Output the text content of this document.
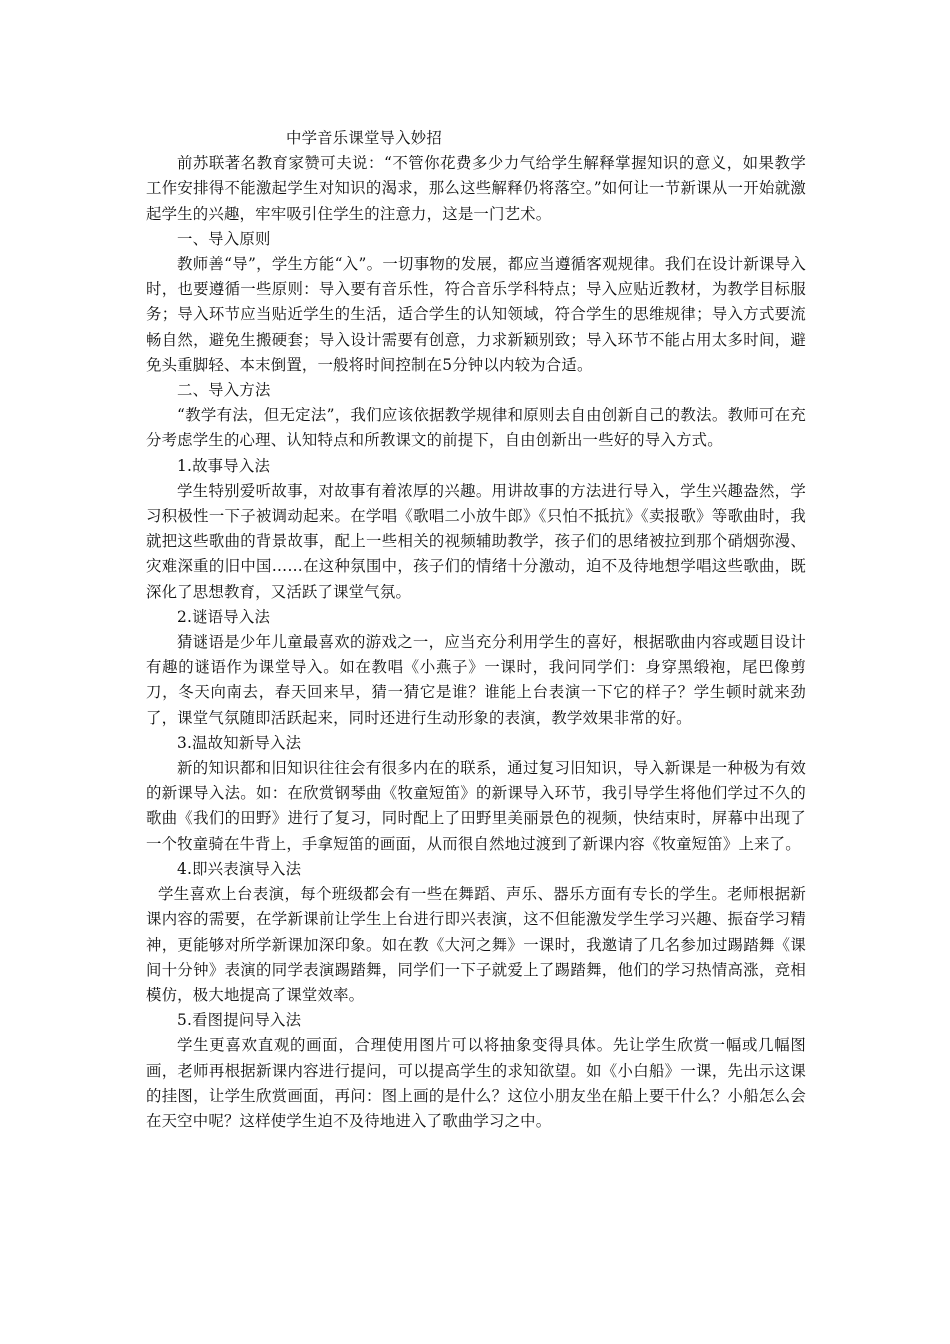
中学音乐课堂导入妙招

前苏联著名教育家赞可夫说：“不管你花费多少力气给学生解释掌握知识的意义，如果教学工作安排得不能激起学生对知识的渴求，那么这些解释仍将落空。”如何让一节新课从一开始就激起学生的兴趣，牢牢吸引住学生的注意力，这是一门艺术。

一、导入原则

教师善“导”，学生方能“入”。一切事物的发展，都应当遵循客观规律。我们在设计新课导入时，也要遵循一些原则：导入要有音乐性，符合音乐学科特点；导入应贴近教材，为教学目标服务；导入环节应当贴近学生的生活，适合学生的认知领域，符合学生的思维规律；导入方式要流畅自然，避免生搬硬套；导入设计需要有创意，力求新颖别致；导入环节不能占用太多时间，避免头重脚轻、本末倒置，一般将时间控制在5分钟以内较为合适。

二、导入方法

“教学有法，但无定法”，我们应该依据教学规律和原则去自由创新自己的教法。教师可在充分考虑学生的心理、认知特点和所教课文的前提下，自由创新出一些好的导入方式。

1.故事导入法

学生特别爱听故事，对故事有着浓厚的兴趣。用讲故事的方法进行导入，学生兴趣盎然，学习积极性一下子被调动起来。在学唱《歌唱二小放牛郎》《只怕不抵抗》《卖报歌》等歌曲时，我就把这些歌曲的背景故事，配上一些相关的视频辅助教学，孩子们的思绪被拉到那个硝烟弥漫、灾难深重的旧中国……在这种氛围中，孩子们的情绪十分激动，迫不及待地想学唱这些歌曲，既深化了思想教育，又活跃了课堂气氛。

2.谜语导入法

猜谜语是少年儿童最喜欢的游戏之一，应当充分利用学生的喜好，根据歌曲内容或题目设计有趣的谜语作为课堂导入。如在教唱《小燕子》一课时，我问同学们：身穿黑缎袍，尾巴像剪刀，冬天向南去，春天回来早，猜一猜它是谁？谁能上台表演一下它的样子？学生顿时就来劲了，课堂气氛随即活跃起来，同时还进行生动形象的表演，教学效果非常的好。

3.温故知新导入法

新的知识都和旧知识往往会有很多内在的联系，通过复习旧知识，导入新课是一种极为有效的新课导入法。如：在欣赏钢琴曲《牧童短笛》的新课导入环节，我引导学生将他们学过不久的歌曲《我们的田野》进行了复习，同时配上了田野里美丽景色的视频，快结束时，屏幕中出现了一个牧童骑在牛背上，手拿短笛的画面，从而很自然地过渡到了新课内容《牧童短笛》上来了。

4.即兴表演导入法

学生喜欢上台表演，每个班级都会有一些在舞蹈、声乐、器乐方面有专长的学生。老师根据新课内容的需要，在学新课前让学生上台进行即兴表演，这不但能激发学生学习兴趣、振奋学习精神，更能够对所学新课加深印象。如在教《大河之舞》一课时，我邀请了几名参加过踢踏舞《课间十分钟》表演的同学表演踢踏舞，同学们一下子就爱上了踢踏舞，他们的学习热情高涨，竞相模仿，极大地提高了课堂效率。

5.看图提问导入法

学生更喜欢直观的画面，合理使用图片可以将抽象变得具体。先让学生欣赏一幅或几幅图画，老师再根据新课内容进行提问，可以提高学生的求知欲望。如《小白船》一课，先出示这课的挂图，让学生欣赏画面，再问：图上画的是什么？这位小朋友坐在船上要干什么？小船怎么会在天空中呢？这样使学生迫不及待地进入了歌曲学习之中。
